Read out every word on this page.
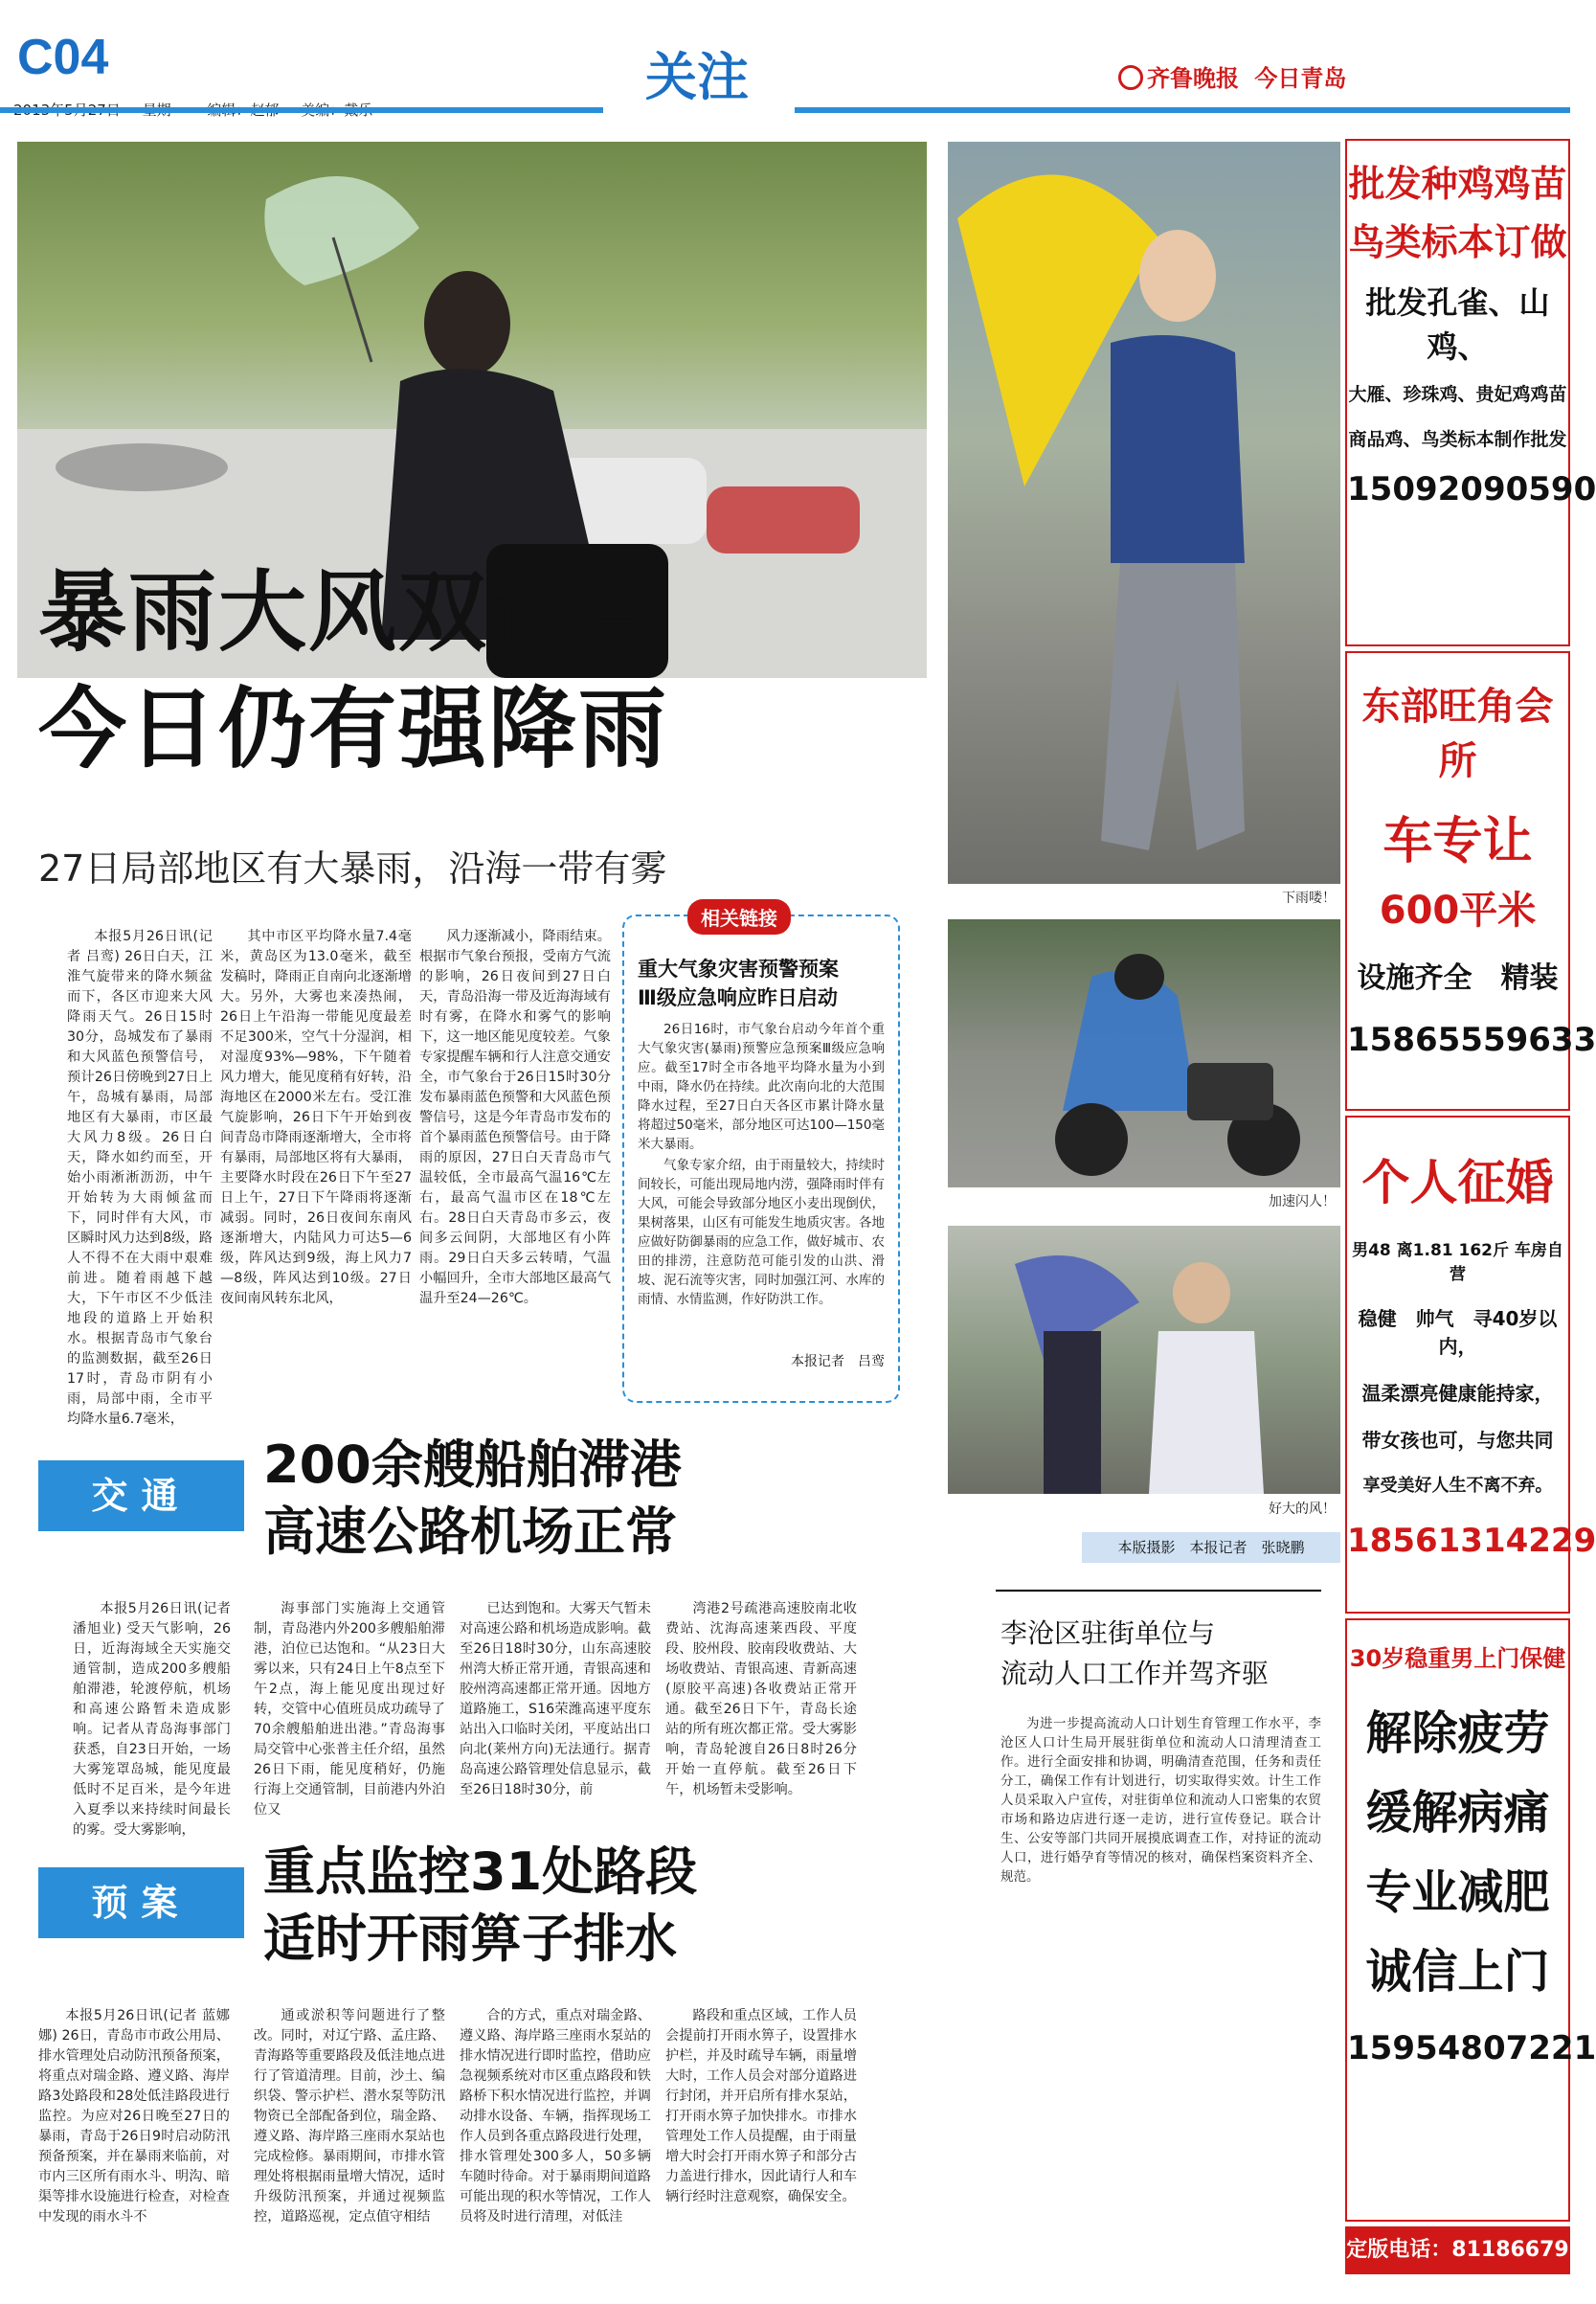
C04	关注	齐鲁晚报 今日青岛
暴雨大风双预警
今日仍有强降雨
27日局部地区有大暴雨，沿海一带有雾

本报5月26日讯(记者 吕鸾) 26日白天，江淮气旋带来的降水频盆而下，各区市迎来大风降雨天气。26日15时30分，岛城发布了暴雨和大风蓝色预警信号，预计26日傍晚到27日上午，岛城有暴雨，局部地区有大暴雨，市区最大风力8级。26日白天，降水如约而至，开始小雨淅淅沥沥，中午开始转为大雨倾盆而下，同时伴有大风，市区瞬时风力达到8级，路人不得不在大雨中艰难前进。随着雨越下越大，下午市区不少低洼地段的道路上开始积水。根据青岛市气象台的监测数据，截至26日17时，青岛市阴有小雨，局部中雨，全市平均降水量6.7毫米，

其中市区平均降水量7.4毫米，黄岛区为13.0毫米，截至发稿时，降雨正自南向北逐渐增大。另外，大雾也来凑热闹，26日上午沿海一带能见度最差不足300米，空气十分湿润，相对湿度93%—98%，下午随着风力增大，能见度稍有好转，沿海地区在2000米左右。受江淮气旋影响，26日下午开始到夜间青岛市降雨逐渐增大，全市将有暴雨，局部地区将有大暴雨，主要降水时段在26日下午至27日上午，27日下午降雨将逐渐减弱。同时，26日夜间东南风逐渐增大，内陆风力可达5—6级，阵风达到9级，海上风力7—8级，阵风达到10级。27日夜间南风转东北风，

风力逐渐减小，降雨结束。根据市气象台预报，受南方气流的影响，26日夜间到27日白天，青岛沿海一带及近海海域有时有雾，在降水和雾气的影响下，这一地区能见度较差。气象专家提醒车辆和行人注意交通安全，市气象台于26日15时30分发布暴雨蓝色预警和大风蓝色预警信号，这是今年青岛市发布的首个暴雨蓝色预警信号。由于降雨的原因，27日白天青岛市气温较低，全市最高气温16℃左右，最高气温市区在18℃左右。28日白天青岛市多云，夜间多云间阴，大部地区有小阵雨。29日白天多云转晴，气温小幅回升，全市大部地区最高气温升至24—26℃。

相关链接
重大气象灾害预警预案
Ⅲ级应急响应昨日启动

26日16时，市气象台启动今年首个重大气象灾害(暴雨)预警应急预案Ⅲ级应急响应。截至17时全市各地平均降水量为小到中雨，降水仍在持续。此次南向北的大范围降水过程，至27日白天各区市累计降水量将超过50毫米，部分地区可达100—150毫米大暴雨。

气象专家介绍，由于雨量较大，持续时间较长，可能出现局地内涝，强降雨时伴有大风，可能会导致部分地区小麦出现倒伏，果树落果，山区有可能发生地质灾害。各地应做好防御暴雨的应急工作，做好城市、农田的排涝，注意防范可能引发的山洪、滑坡、泥石流等灾害，同时加强江河、水库的雨情、水情监测，作好防洪工作。

本报记者　吕鸾
下雨喽！
加速闪人！
好大的风！
本版摄影　本报记者　张晓鹏
交通
200余艘船舶滞港
高速公路机场正常

本报5月26日讯(记者 潘旭业) 受天气影响，26日，近海海域全天实施交通管制，造成200多艘船舶滞港，轮渡停航，机场和高速公路暂未造成影响。记者从青岛海事部门获悉，自23日开始，一场大雾笼罩岛城，能见度最低时不足百米，是今年进入夏季以来持续时间最长的雾。受大雾影响，

海事部门实施海上交通管制，青岛港内外200多艘船舶滞港，泊位已达饱和。“从23日大雾以来，只有24日上午8点至下午2点，海上能见度出现过好转，交管中心值班员成功疏导了70余艘船舶进出港。”青岛海事局交管中心张普主任介绍，虽然26日下雨，能见度稍好，仍施行海上交通管制，目前港内外泊位又

已达到饱和。大雾天气暂未对高速公路和机场造成影响。截至26日18时30分，山东高速胶州湾大桥正常开通，青银高速和胶州湾高速都正常开通。因地方道路施工，S16荣潍高速平度东站出入口临时关闭，平度站出口向北(莱州方向)无法通行。据青岛高速公路管理处信息显示，截至26日18时30分，前

湾港2号疏港高速胶南北收费站、沈海高速莱西段、平度段、胶州段、胶南段收费站、大场收费站、青银高速、青新高速(原胶平高速)各收费站正常开通。截至26日下午，青岛长途站的所有班次都正常。受大雾影响，青岛轮渡自26日8时26分开始一直停航。截至26日下午，机场暂未受影响。

预案
重点监控31处路段
适时开雨箅子排水

本报5月26日讯(记者 蓝娜娜) 26日，青岛市市政公用局、排水管理处启动防汛预备预案，将重点对瑞金路、遵义路、海岸路3处路段和28处低洼路段进行监控。为应对26日晚至27日的暴雨，青岛于26日9时启动防汛预备预案，并在暴雨来临前，对市内三区所有雨水斗、明沟、暗渠等排水设施进行检查，对检查中发现的雨水斗不

通或淤积等问题进行了整改。同时，对辽宁路、孟庄路、青海路等重要路段及低洼地点进行了管道清理。目前，沙土、编织袋、警示护栏、潜水泵等防汛物资已全部配备到位，瑞金路、遵义路、海岸路三座雨水泵站也完成检修。暴雨期间，市排水管理处将根据雨量增大情况，适时升级防汛预案，并通过视频监控，道路巡视，定点值守相结

合的方式，重点对瑞金路、遵义路、海岸路三座雨水泵站的排水情况进行即时监控，借助应急视频系统对市区重点路段和铁路桥下积水情况进行监控，并调动排水设备、车辆，指挥现场工作人员到各重点路段进行处理，排水管理处300多人，50多辆车随时待命。对于暴雨期间道路可能出现的积水等情况，工作人员将及时进行清理，对低洼

路段和重点区域，工作人员会提前打开雨水箅子，设置排水护栏，并及时疏导车辆，雨量增大时，工作人员会对部分道路进行封闭，并开启所有排水泵站，打开雨水箅子加快排水。市排水管理处工作人员提醒，由于雨量增大时会打开雨水箅子和部分古力盖进行排水，因此请行人和车辆行经时注意观察，确保安全。

李沧区驻街单位与
流动人口工作并驾齐驱

为进一步提高流动人口计划生育管理工作水平，李沧区人口计生局开展驻街单位和流动人口清理清查工作。进行全面安排和协调，明确清查范围，任务和责任分工，确保工作有计划进行，切实取得实效。计生工作人员采取入户宣传，对驻街单位和流动人口密集的农贸市场和路边店进行逐一走访，进行宣传登记。联合计生、公安等部门共同开展摸底调查工作，对持证的流动人口，进行婚孕育等情况的核对，确保档案资料齐全、规范。

批发种鸡鸡苗
鸟类标本订做
批发孔雀、山鸡、
大雁、珍珠鸡、贵妃鸡鸡苗
商品鸡、鸟类标本制作批发
15092090590
东部旺角会所
车专让
600平米
设施齐全　精装
15865559633
个人征婚
男48 离1.81 162斤 车房自营
稳健　帅气　寻40岁以内，
温柔漂亮健康能持家，
带女孩也可，与您共同
享受美好人生不离不弃。
18561314229
30岁稳重男上门保健
解除疲劳
缓解病痛
专业减肥
诚信上门
15954807221
定版电话：81186679
